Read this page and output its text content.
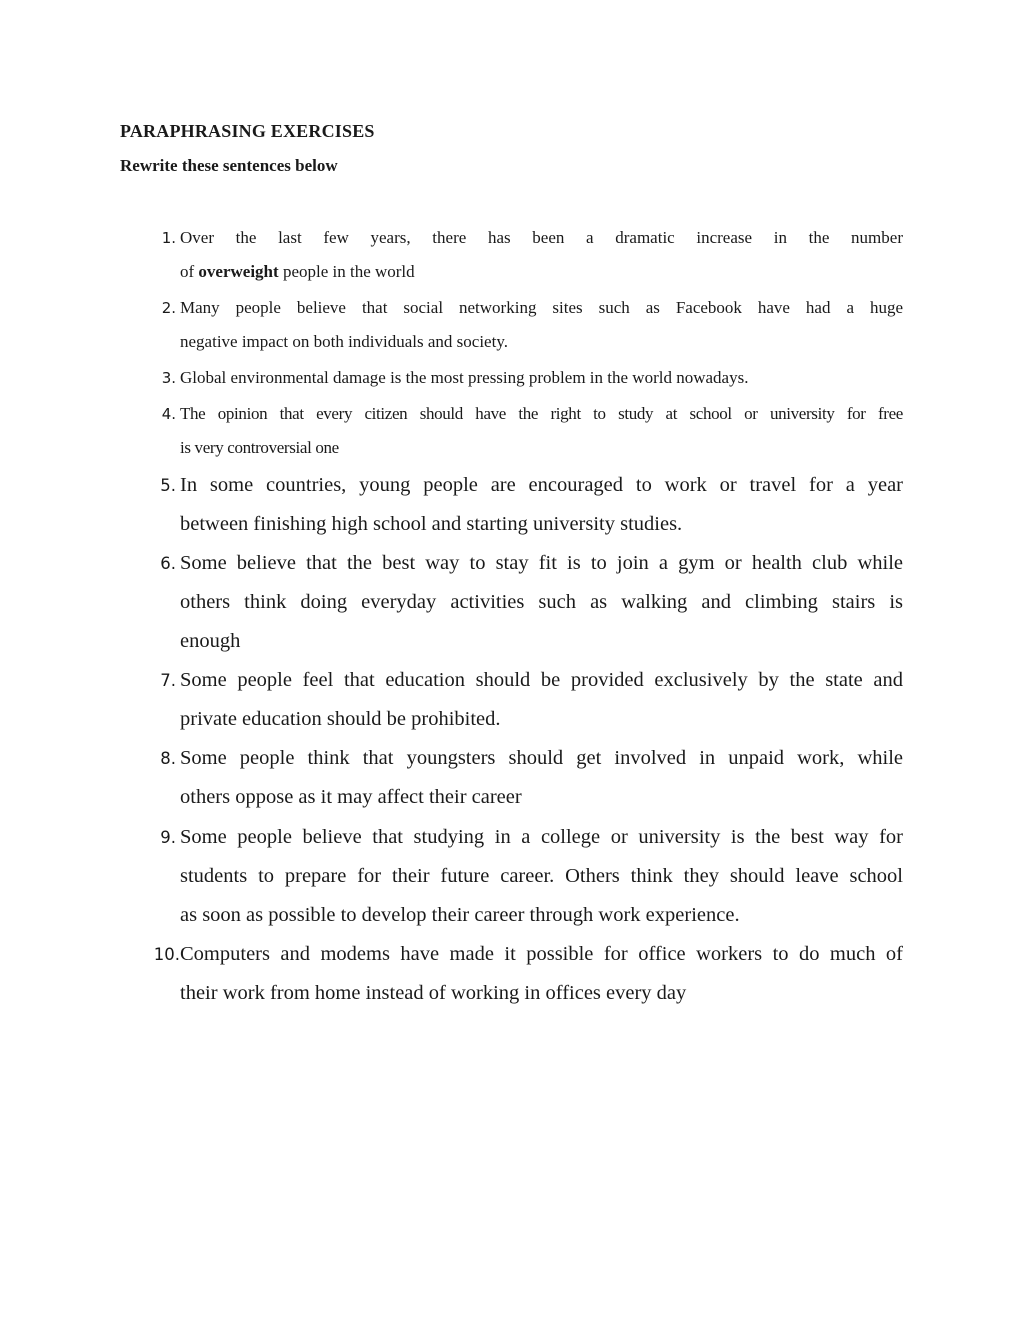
PARAPHRASING EXERCISES
Rewrite these sentences below
1. Over the last few years, there has been a dramatic increase in the number
of overweight people in the world
2. Many people believe that social networking sites such as Facebook have had a huge
negative impact on both individuals and society.
3. Global environmental damage is the most pressing problem in the world nowadays.
4. The opinion that every citizen should have the right to study at school or university for free
is very controversial one
5. In some countries, young people are encouraged to work or travel for a year
between finishing high school and starting university studies.
6. Some believe that the best way to stay fit is to join a gym or health club while
others think doing everyday activities such as walking and climbing stairs is
enough
7. Some people feel that education should be provided exclusively by the state and
private education should be prohibited.
8. Some people think that youngsters should get involved in unpaid work, while
others oppose as it may affect their career
9. Some people believe that studying in a college or university is the best way for
students to prepare for their future career. Others think they should leave school
as soon as possible to develop their career through work experience.
10. Computers and modems have made it possible for office workers to do much of
their work from home instead of working in offices every day
